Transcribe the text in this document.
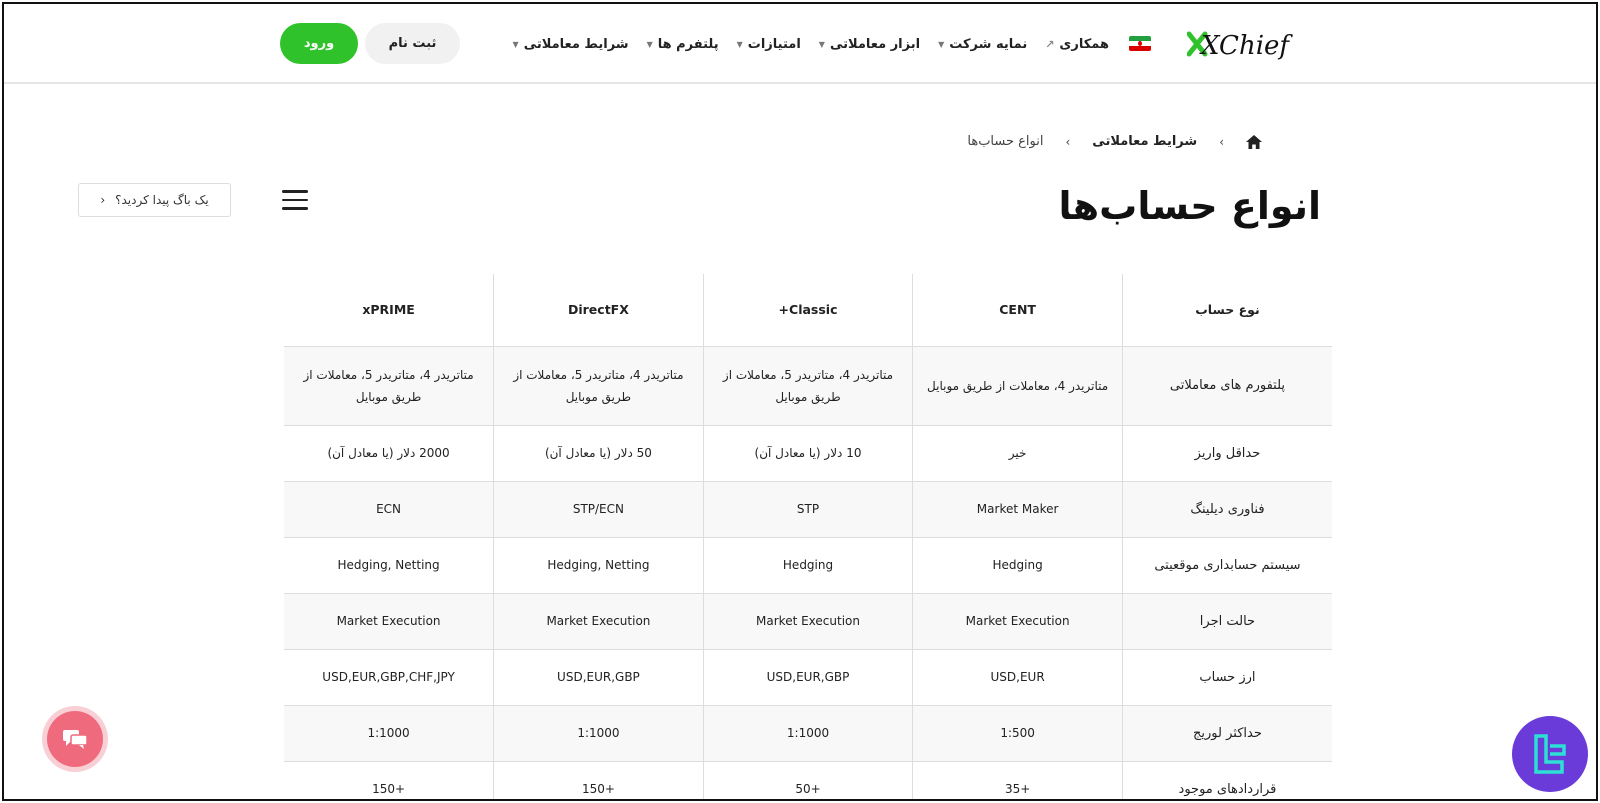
XChief
شرایط معاملاتی
▼	پلتفرم ها
▼	امتیازات
▼	ابزار معاملاتی
▼	نمایه شرکت
▼	همکاری
↗
ثبت نام
ورود
‹
شرایط معاملاتی
‹
انواع حساب‌ها
انواع حساب‌ها
› یک باگ پیدا کردید؟
نوع حساب	CENT	Classic+	DirectFX	xPRIME
پلتفورم های معاملاتی	متاتریدر 4، معاملات از طریق موبایل	متاتریدر 4، متاتریدر 5، معاملات از طریق موبایل	متاتریدر 4، متاتریدر 5، معاملات از طریق موبایل	متاتریدر 4، متاتریدر 5، معاملات از طریق موبایل
حداقل واریز	خیر	10 دلار (یا معادل آن)	50 دلار (یا معادل آن)	2000 دلار (یا معادل آن)
فناوری دیلینگ	Market Maker	STP	STP/ECN	ECN
سیستم حسابداری موقعیتی	Hedging	Hedging	Hedging, Netting	Hedging, Netting
حالت اجرا	Market Execution	Market Execution	Market Execution	Market Execution
ارز حساب	USD,EUR	USD,EUR,GBP	USD,EUR,GBP	USD,EUR,GBP,CHF,JPY
حداکثر لوریج	1:500	1:1000	1:1000	1:1000
قراردادهای موجود	+35	+50	+150	+150
